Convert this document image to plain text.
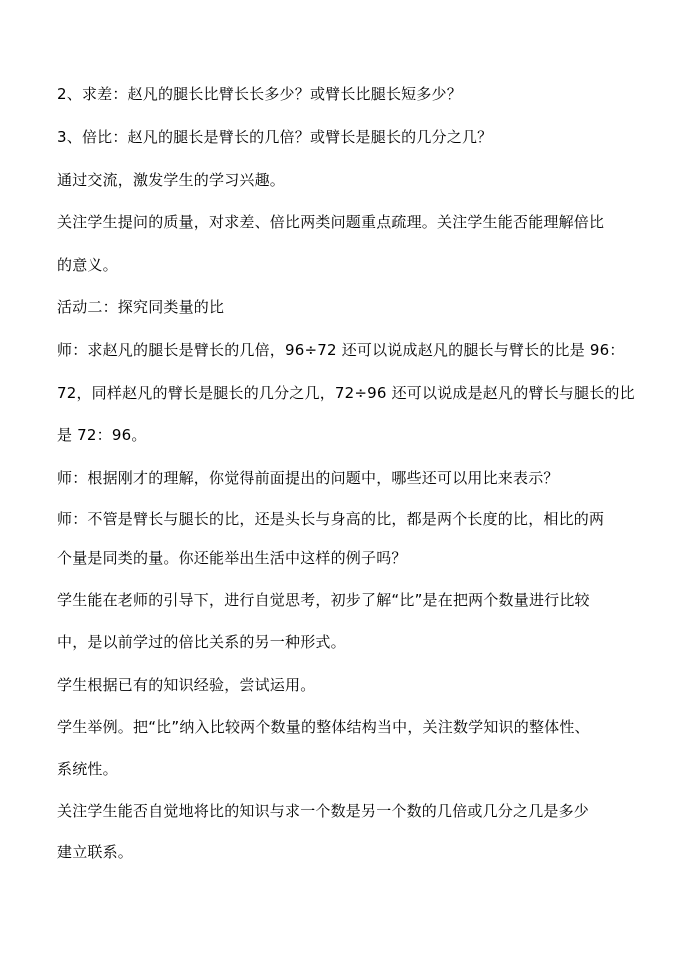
2、求差：赵凡的腿长比臂长长多少？或臂长比腿长短多少？
3、倍比：赵凡的腿长是臂长的几倍？或臂长是腿长的几分之几？
通过交流，激发学生的学习兴趣。
关注学生提问的质量，对求差、倍比两类问题重点疏理。关注学生能否能理解倍比
的意义。
活动二：探究同类量的比
师：求赵凡的腿长是臂长的几倍，96÷72 还可以说成赵凡的腿长与臂长的比是 96：
72，同样赵凡的臂长是腿长的几分之几，72÷96 还可以说成是赵凡的臂长与腿长的比
是 72：96。
师：根据刚才的理解，你觉得前面提出的问题中，哪些还可以用比来表示？
师：不管是臂长与腿长的比，还是头长与身高的比，都是两个长度的比，相比的两
个量是同类的量。你还能举出生活中这样的例子吗？
学生能在老师的引导下，进行自觉思考，初步了解“比”是在把两个数量进行比较
中，是以前学过的倍比关系的另一种形式。
学生根据已有的知识经验，尝试运用。
学生举例。把“比”纳入比较两个数量的整体结构当中，关注数学知识的整体性、
系统性。
关注学生能否自觉地将比的知识与求一个数是另一个数的几倍或几分之几是多少
建立联系。
